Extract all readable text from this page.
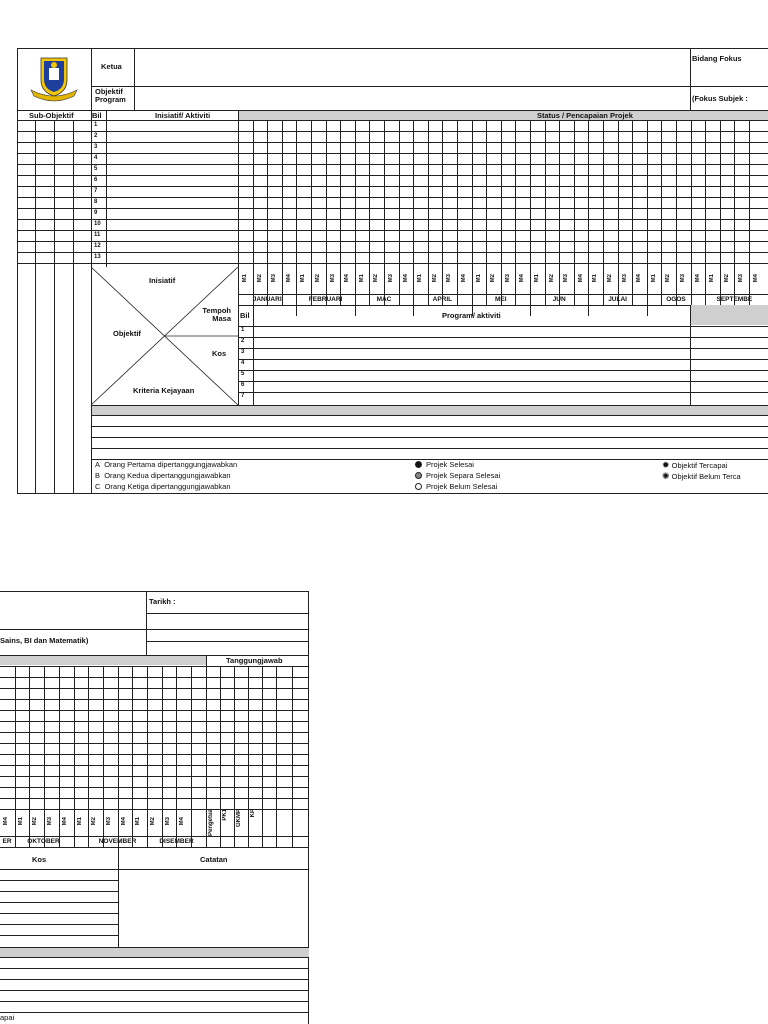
Ketua
Objektif Program
Bidang Fokus
(Fokus Subjek :
Sub-Objektif Bil	Inisiatif/ Aktiviti	Status / Pencapaian Projek
1
2
3
4
5
6
7
8
9
10
11
12
13
Inisiatif
Objektif
Tempoh Masa
Kos
Kriteria Kejayaan
M1 M2 M3 M4 M1 M2 M3 M4 M1 M2 M3 M4 M1 M2 M3 M4 M1 M2 M3 M4 M1 M2 M3 M4 M1 M2 M3 M4 M1 M2 M3 M4 M1 M2 M3 M4
JANUARI	FEBRUARI	MAC	APRIL	MEI	JUN	JULAI	OGOS	SEPTEMBE
Bil	Program/ aktiviti
1
2
3
4
5
6
7
A Orang Pertama dipertanggungjawabkan
B Orang Kedua dipertanggungjawabkan
C Orang Ketiga dipertanggungjawabkan
Projek Selesai
Projek Separa Selesai
Projek Belum Selesai
✹ Objektif Tercapai
✺ Objektif Belum Terca
Tarikh :
Sains, BI dan Matematik)
Tanggungjawab
M4 M1 M2 M3 M4 M1 M2 M3 M4 M1 M2 M3 M4
ER	OKTOBER	NOVEMBER	DISEMBER
Pengetua PK1 GKMP KP
Kos	Catatan
apai
